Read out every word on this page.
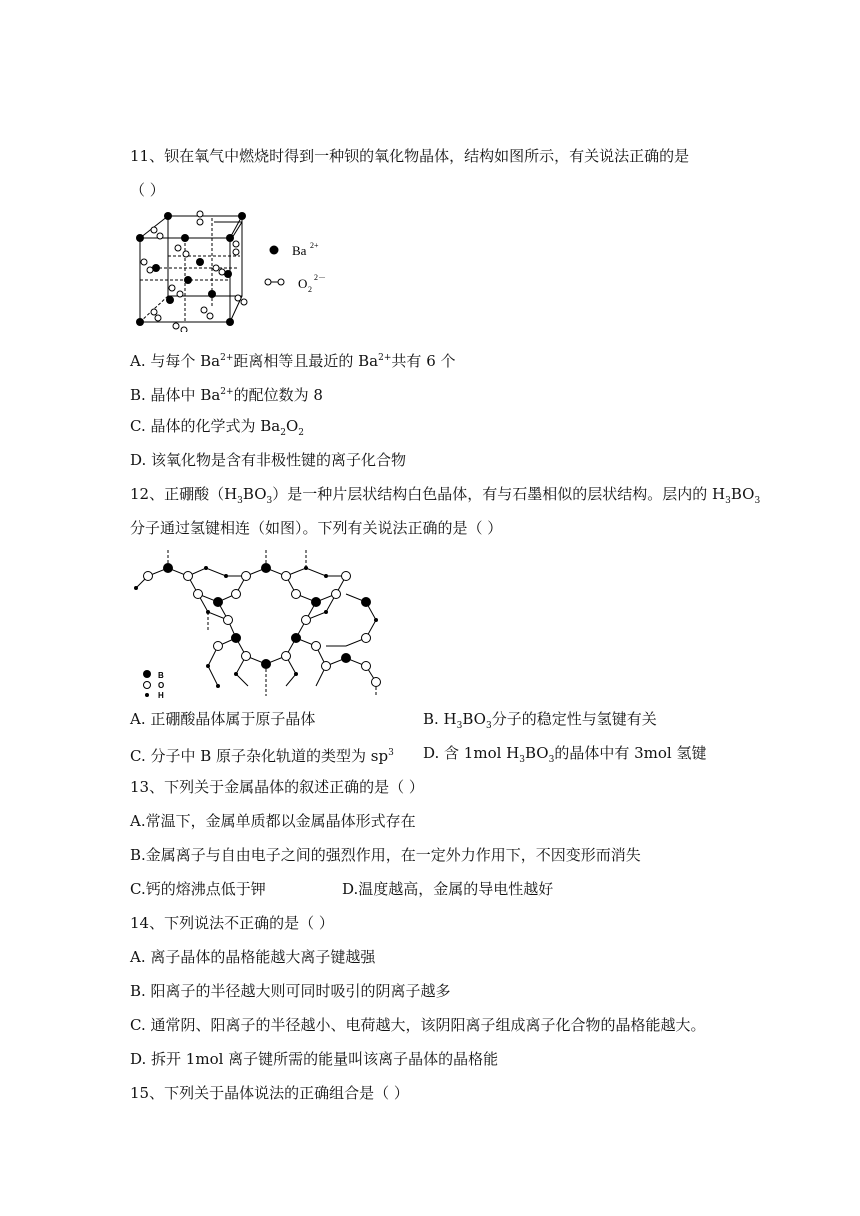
11、钡在氧气中燃烧时得到一种钡的氧化物晶体，结构如图所示，有关说法正确的是
（ ）
Ba 2+
O 2
2－
A. 与每个 $Ba^{2+}$距离相等且最近的 $Ba^{2+}$共有 6 个
B. 晶体中 $Ba^{2+}$的配位数为 8
C. 晶体的化学式为 $Ba_2O_2$
D. 该氧化物是含有非极性键的离子化合物
12、正硼酸$(H_3BO_3)$是一种片层状结构白色晶体，有与石墨相似的层状结构。层内的 $H_3BO_3$
分子通过氢键相连（如图）。下列有关说法正确的是（ ）
B
O
H
A. 正硼酸晶体属于原子晶体	B. $H_3BO_3$分子的稳定性与氢键有关
C. 分子中 B 原子杂化轨道的类型为 $sp^3$ D. 含 1mol $H_3BO_3$的晶体中有 3mol 氢键
13、下列关于金属晶体的叙述正确的是（ ）
A.常温下，金属单质都以金属晶体形式存在
B.金属离子与自由电子之间的强烈作用，在一定外力作用下，不因变形而消失
C.钙的熔沸点低于钾	D.温度越高，金属的导电性越好
14、下列说法不正确的是（ ）
A. 离子晶体的晶格能越大离子键越强
B. 阳离子的半径越大则可同时吸引的阴离子越多
C. 通常阴、阳离子的半径越小、电荷越大，该阴阳离子组成离子化合物的晶格能越大。
D. 拆开 1mol 离子键所需的能量叫该离子晶体的晶格能
15、下列关于晶体说法的正确组合是（ ）
